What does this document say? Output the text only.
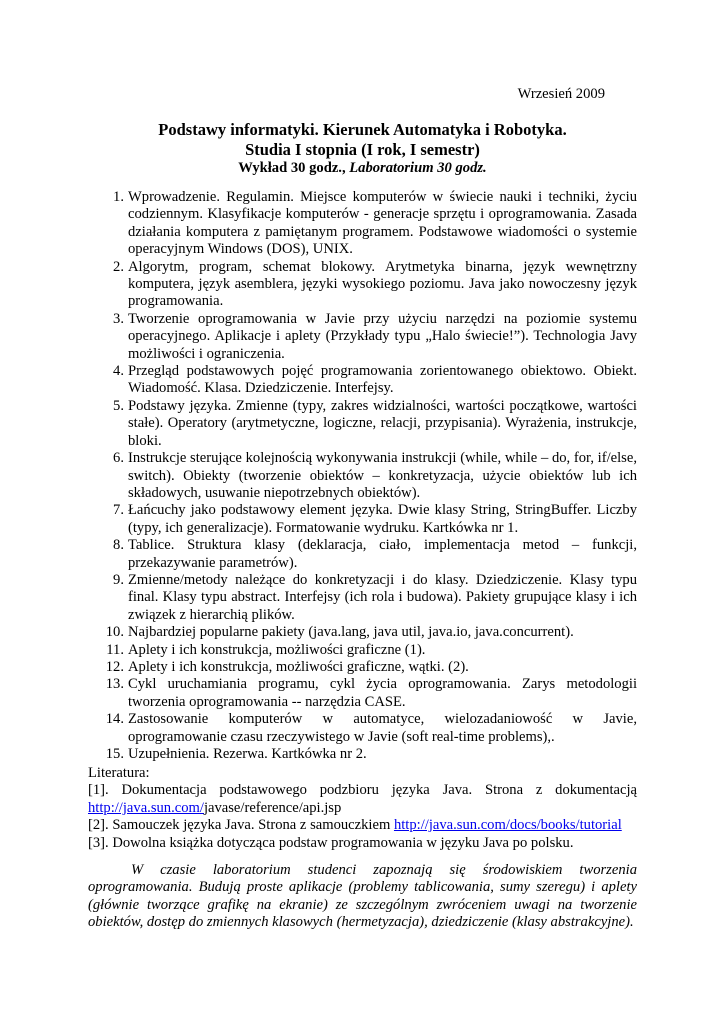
Wrzesień 2009
Podstawy informatyki. Kierunek Automatyka i Robotyka.
Studia I stopnia (I rok, I semestr)
Wykład 30 godz., Laboratorium 30 godz.
1. Wprowadzenie. Regulamin. Miejsce komputerów w świecie nauki i techniki, życiu codziennym. Klasyfikacje komputerów - generacje sprzętu i oprogramowania. Zasada działania komputera z pamiętanym programem. Podstawowe wiadomości o systemie operacyjnym Windows (DOS), UNIX.
2. Algorytm, program, schemat blokowy. Arytmetyka binarna, język wewnętrzny komputera, język asemblera, języki wysokiego poziomu. Java jako nowoczesny język programowania.
3. Tworzenie oprogramowania w Javie przy użyciu narzędzi na poziomie systemu operacyjnego. Aplikacje i aplety (Przykłady typu „Halo świecie!”). Technologia Javy możliwości i ograniczenia.
4. Przegląd podstawowych pojęć programowania zorientowanego obiektowo. Obiekt. Wiadomość. Klasa. Dziedziczenie. Interfejsy.
5. Podstawy języka. Zmienne (typy, zakres widzialności, wartości początkowe, wartości stałe). Operatory (arytmetyczne, logiczne, relacji, przypisania). Wyrażenia, instrukcje, bloki.
6. Instrukcje sterujące kolejnością wykonywania instrukcji (while, while – do, for, if/else, switch). Obiekty (tworzenie obiektów – konkretyzacja, użycie obiektów lub ich składowych, usuwanie niepotrzebnych obiektów).
7. Łańcuchy jako podstawowy element języka. Dwie klasy String, StringBuffer. Liczby (typy, ich generalizacje). Formatowanie wydruku. Kartkówka nr 1.
8. Tablice. Struktura klasy (deklaracja, ciało, implementacja metod – funkcji, przekazywanie parametrów).
9. Zmienne/metody należące do konkretyzacji i do klasy. Dziedziczenie. Klasy typu final. Klasy typu abstract. Interfejsy (ich rola i budowa). Pakiety grupujące klasy i ich związek z hierarchią plików.
10. Najbardziej popularne pakiety (java.lang, java util, java.io, java.concurrent).
11. Aplety i ich konstrukcja, możliwości graficzne (1).
12. Aplety i ich konstrukcja, możliwości graficzne, wątki. (2).
13. Cykl uruchamiania programu, cykl życia oprogramowania. Zarys metodologii tworzenia oprogramowania -- narzędzia CASE.
14. Zastosowanie komputerów w automatyce, wielozadaniowość w Javie, oprogramowanie czasu rzeczywistego w Javie (soft real-time problems),.
15. Uzupełnienia. Rezerwa. Kartkówka nr 2.
Literatura:
[1]. Dokumentacja podstawowego podzbioru języka Java. Strona z dokumentacją http://java.sun.com/javase/reference/api.jsp
[2]. Samouczek języka Java. Strona z samouczkiem http://java.sun.com/docs/books/tutorial
[3]. Dowolna książka dotycząca podstaw programowania w języku Java po polsku.
W czasie laboratorium studenci zapoznają się środowiskiem tworzenia oprogramowania. Budują proste aplikacje (problemy tablicowania, sumy szeregu) i aplety (głównie tworzące grafikę na ekranie) ze szczególnym zwróceniem uwagi na tworzenie obiektów, dostęp do zmiennych klasowych (hermetyzacja), dziedziczenie (klasy abstrakcyjne).
